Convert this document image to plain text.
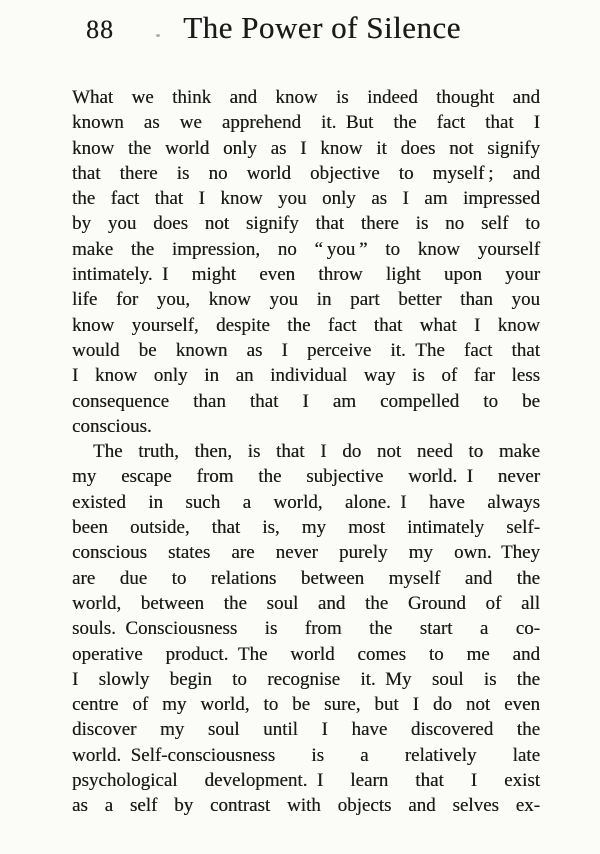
88 The Power of Silence
What we think and know is indeed thought and
known as we apprehend it. But the fact that I
know the world only as I know it does not signify
that there is no world objective to myself ; and
the fact that I know you only as I am impressed
by you does not signify that there is no self to
make the impression, no “ you ” to know yourself
intimately. I might even throw light upon your
life for you, know you in part better than you
know yourself, despite the fact that what I know
would be known as I perceive it. The fact that
I know only in an individual way is of far less
consequence than that I am compelled to be
conscious.
The truth, then, is that I do not need to make
my escape from the subjective world. I never
existed in such a world, alone. I have always
been outside, that is, my most intimately self-
conscious states are never purely my own. They
are due to relations between myself and the
world, between the soul and the Ground of all
souls. Consciousness is from the start a co-
operative product. The world comes to me and
I slowly begin to recognise it. My soul is the
centre of my world, to be sure, but I do not even
discover my soul until I have discovered the
world. Self-consciousness is a relatively late
psychological development. I learn that I exist
as a self by contrast with objects and selves ex-
